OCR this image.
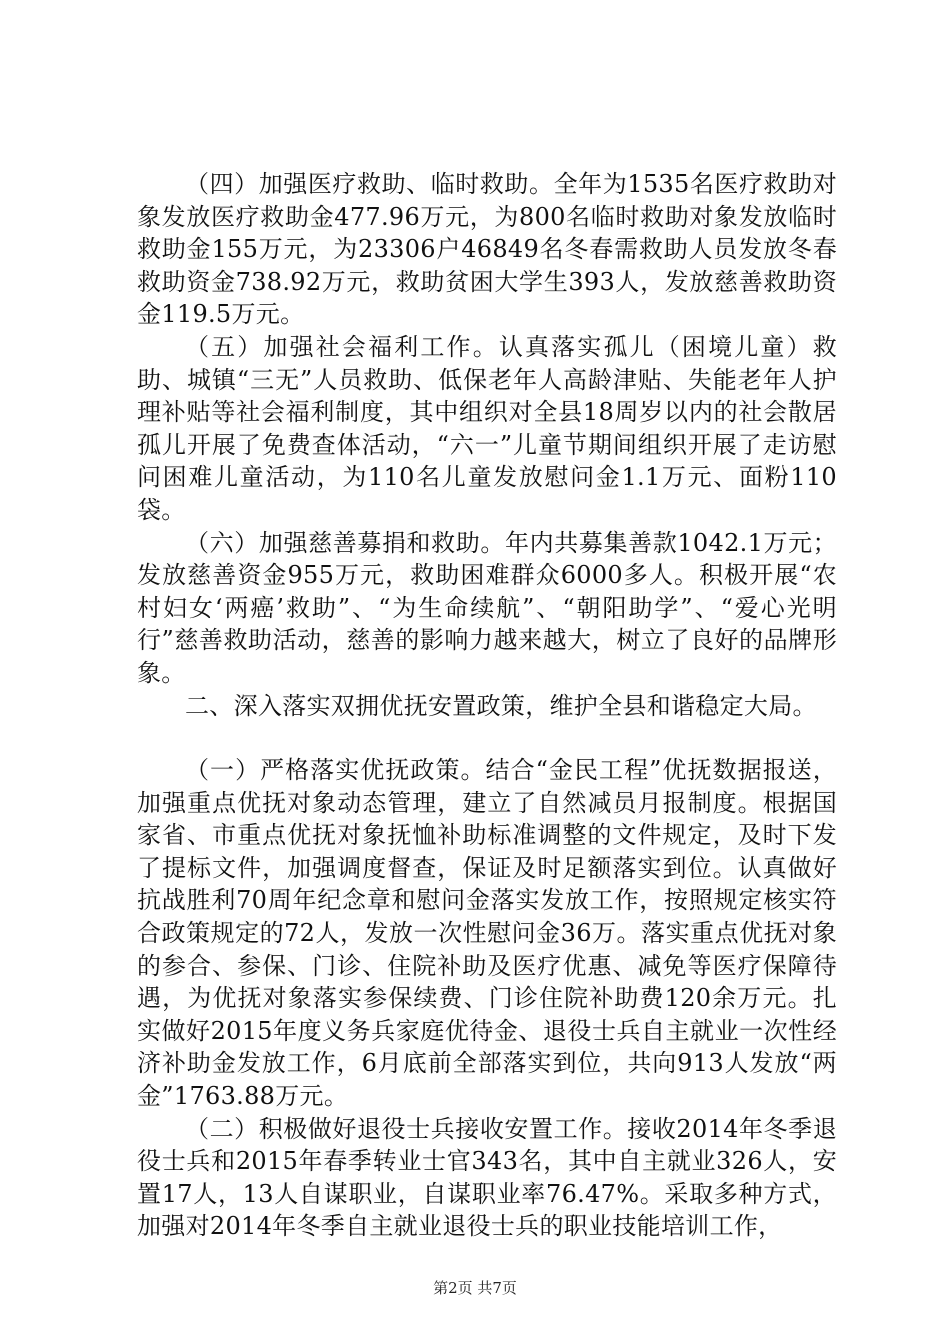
（四）加强医疗救助、临时救助。全年为1535名医疗救助对象发放医疗救助金477.96万元，为800名临时救助对象发放临时救助金155万元，为23306户46849名冬春需救助人员发放冬春救助资金738.92万元，救助贫困大学生393人，发放慈善救助资金119.5万元。

（五）加强社会福利工作。认真落实孤儿（困境儿童）救助、城镇“三无”人员救助、低保老年人高龄津贴、失能老年人护理补贴等社会福利制度，其中组织对全县18周岁以内的社会散居孤儿开展了免费查体活动，“六一”儿童节期间组织开展了走访慰问困难儿童活动，为110名儿童发放慰问金1.1万元、面粉110袋。

（六）加强慈善募捐和救助。年内共募集善款1042.1万元；发放慈善资金955万元，救助困难群众6000多人。积极开展“农村妇女‘两癌’救助”、“为生命续航”、“朝阳助学”、“爱心光明行”慈善救助活动，慈善的影响力越来越大，树立了良好的品牌形象。

二、深入落实双拥优抚安置政策，维护全县和谐稳定大局。

（一）严格落实优抚政策。结合“金民工程”优抚数据报送，加强重点优抚对象动态管理，建立了自然减员月报制度。根据国家省、市重点优抚对象抚恤补助标准调整的文件规定，及时下发了提标文件，加强调度督查，保证及时足额落实到位。认真做好抗战胜利70周年纪念章和慰问金落实发放工作，按照规定核实符合政策规定的72人，发放一次性慰问金36万。落实重点优抚对象的参合、参保、门诊、住院补助及医疗优惠、减免等医疗保障待遇，为优抚对象落实参保续费、门诊住院补助费120余万元。扎实做好2015年度义务兵家庭优待金、退役士兵自主就业一次性经济补助金发放工作，6月底前全部落实到位，共向913人发放“两金”1763.88万元。

（二）积极做好退役士兵接收安置工作。接收2014年冬季退役士兵和2015年春季转业士官343名，其中自主就业326人，安置17人，13人自谋职业，自谋职业率76.47%。采取多种方式，加强对2014年冬季自主就业退役士兵的职业技能培训工作，

第2页 共7页
